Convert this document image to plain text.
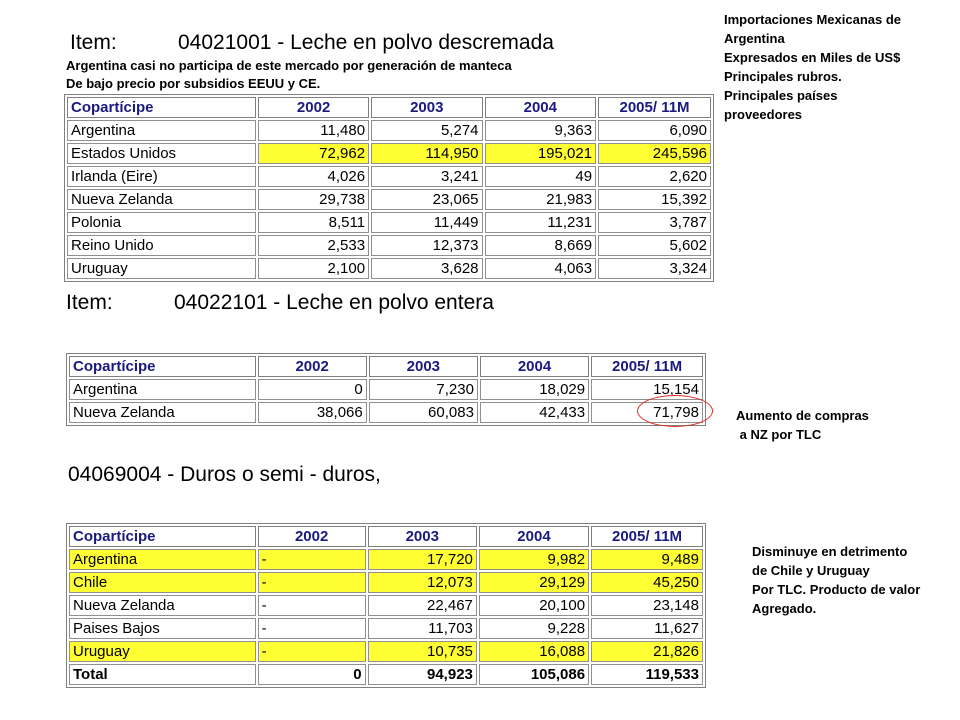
Importaciones Mexicanas de
Argentina
Expresados en Miles de US$
Principales rubros.
Principales países
proveedores
Item:	04021001 - Leche en polvo descremada
Argentina casi no participa de este mercado por generación de manteca
De bajo precio por subsidios EEUU y CE.
Copartícipe	2002	2003	2004	2005/ 11M
Argentina	11,480	5,274	9,363	6,090
Estados Unidos	72,962	114,950	195,021	245,596
Irlanda (Eire)	4,026	3,241	49	2,620
Nueva Zelanda	29,738	23,065	21,983	15,392
Polonia	8,511	11,449	11,231	3,787
Reino Unido	2,533	12,373	8,669	5,602
Uruguay	2,100	3,628	4,063	3,324
Item:	04022101 - Leche en polvo entera
Copartícipe	2002	2003	2004	2005/ 11M
Argentina	0	7,230	18,029	15,154
Nueva Zelanda	38,066	60,083	42,433	71,798	Aumento de compras
a NZ por TLC
04069004 - Duros o semi - duros,
Copartícipe	2002	2003	2004	2005/ 11M
Argentina	-	17,720	9,982	9,489
Chile	-	12,073	29,129	45,250
Nueva Zelanda	-	22,467	20,100	23,148
Paises Bajos	-	11,703	9,228	11,627
Uruguay	-	10,735	16,088	21,826
Total	0	94,923	105,086	119,533
Disminuye en detrimento
de Chile y Uruguay
Por TLC. Producto de valor
Agregado.
